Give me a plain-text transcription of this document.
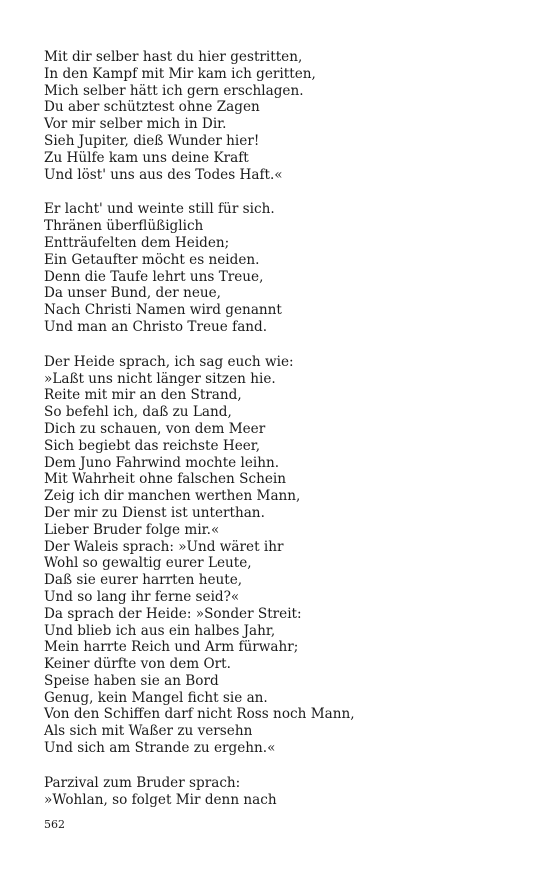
Mit dir selber hast du hier gestritten,
In den Kampf mit Mir kam ich geritten,
Mich selber hätt ich gern erschlagen.
Du aber schütztest ohne Zagen
Vor mir selber mich in Dir.
Sieh Jupiter, dieß Wunder hier!
Zu Hülfe kam uns deine Kraft
Und löst' uns aus des Todes Haft.«
Er lacht' und weinte still für sich.
Thränen überflüßiglich
Enttrӓufelten dem Heiden;
Ein Getaufter möcht es neiden.
Denn die Taufe lehrt uns Treue,
Da unser Bund, der neue,
Nach Christi Namen wird genannt
Und man an Christo Treue fand.
Der Heide sprach, ich sag euch wie:
»Laßt uns nicht länger sitzen hie.
Reite mit mir an den Strand,
So befehl ich, daß zu Land,
Dich zu schauen, von dem Meer
Sich begiebt das reichste Heer,
Dem Juno Fahrwind mochte leihn.
Mit Wahrheit ohne falschen Schein
Zeig ich dir manchen werthen Mann,
Der mir zu Dienst ist unterthan.
Lieber Bruder folge mir.«
Der Waleis sprach: »Und wäret ihr
Wohl so gewaltig eurer Leute,
Daß sie eurer harrten heute,
Und so lang ihr ferne seid?«
Da sprach der Heide: »Sonder Streit:
Und blieb ich aus ein halbes Jahr,
Mein harrte Reich und Arm fürwahr;
Keiner dürfte von dem Ort.
Speise haben sie an Bord
Genug, kein Mangel ficht sie an.
Von den Schiffen darf nicht Ross noch Mann,
Als sich mit Waßer zu versehn
Und sich am Strande zu ergehn.«
Parzival zum Bruder sprach:
»Wohlan, so folget Mir denn nach
562
